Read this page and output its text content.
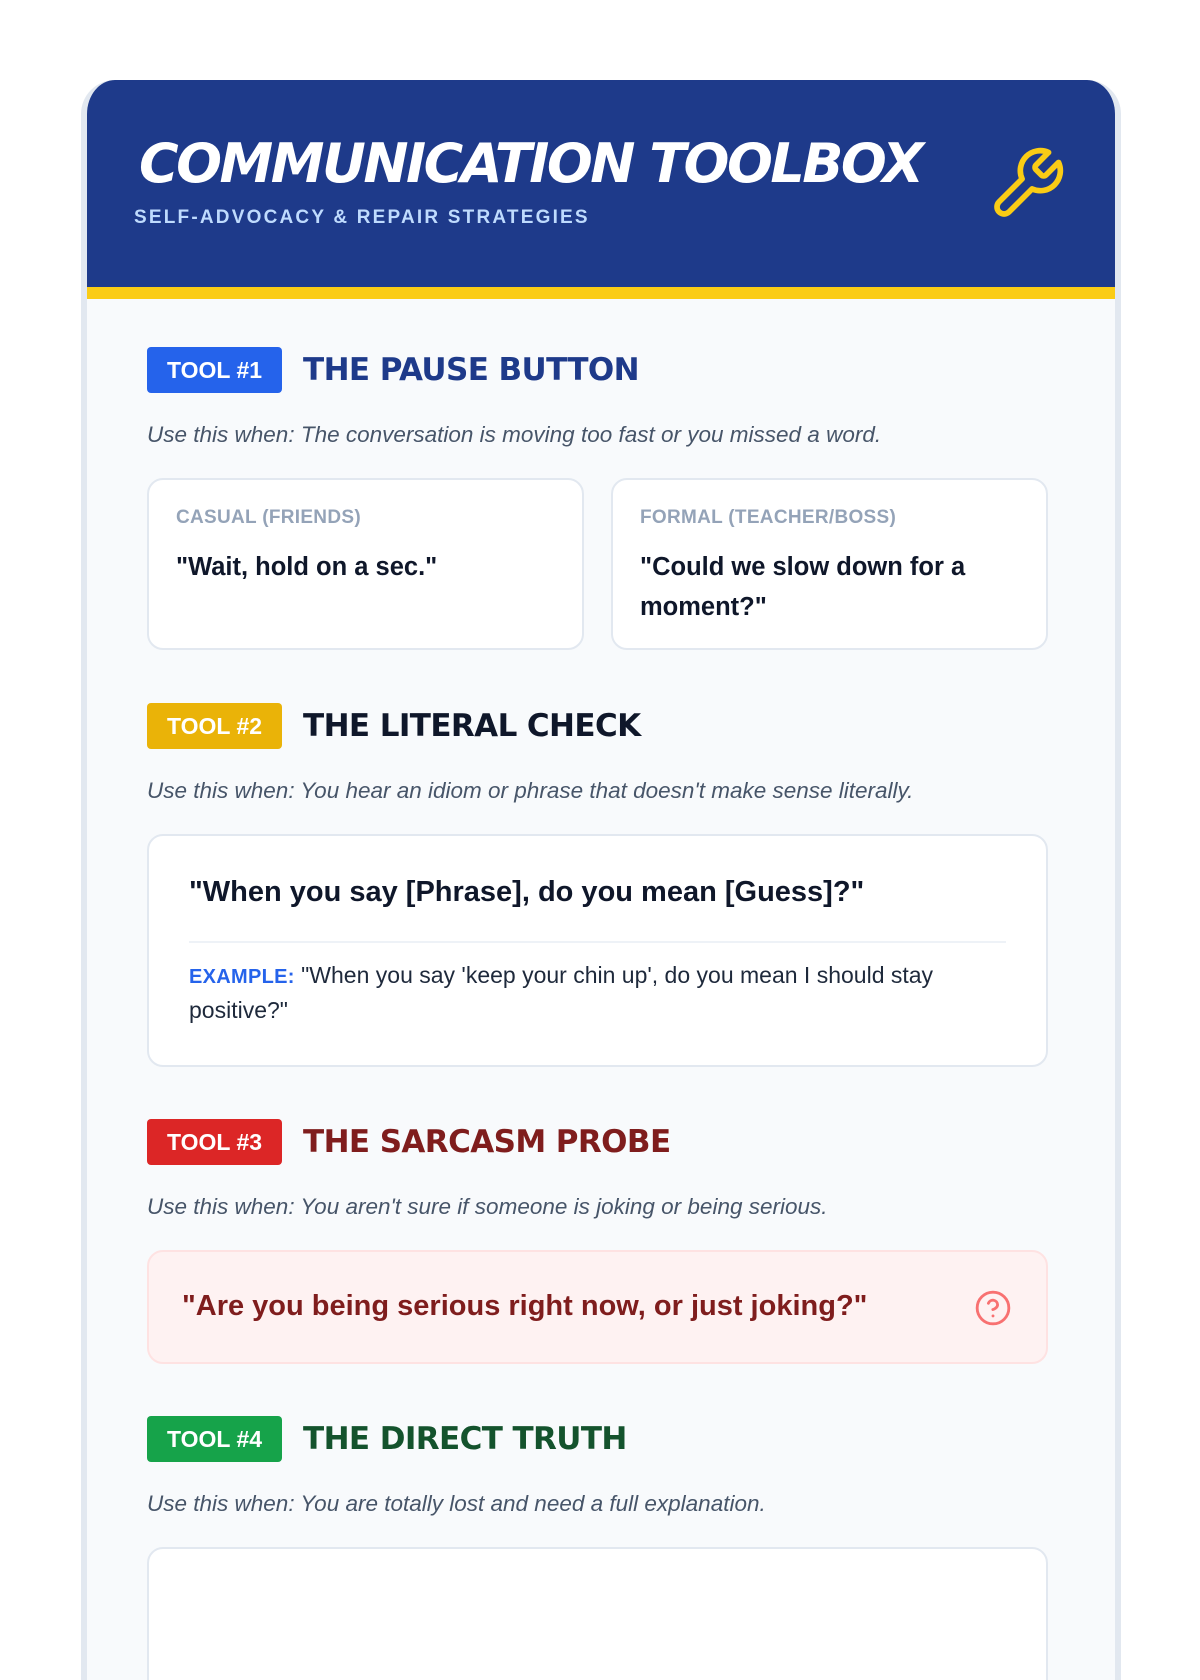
COMMUNICATION TOOLBOX
SELF-ADVOCACY & REPAIR STRATEGIES
TOOL #1	THE PAUSE BUTTON
Use this when: The conversation is moving too fast or you missed a word.
CASUAL (FRIENDS)
"Wait, hold on a sec."
FORMAL (TEACHER/BOSS)
"Could we slow down for a moment?"
TOOL #2	THE LITERAL CHECK
Use this when: You hear an idiom or phrase that doesn't make sense literally.
"When you say [Phrase], do you mean [Guess]?"
EXAMPLE: "When you say 'keep your chin up', do you mean I should stay positive?"
TOOL #3	THE SARCASM PROBE
Use this when: You aren't sure if someone is joking or being serious.
"Are you being serious right now, or just joking?"
TOOL #4	THE DIRECT TRUTH
Use this when: You are totally lost and need a full explanation.
